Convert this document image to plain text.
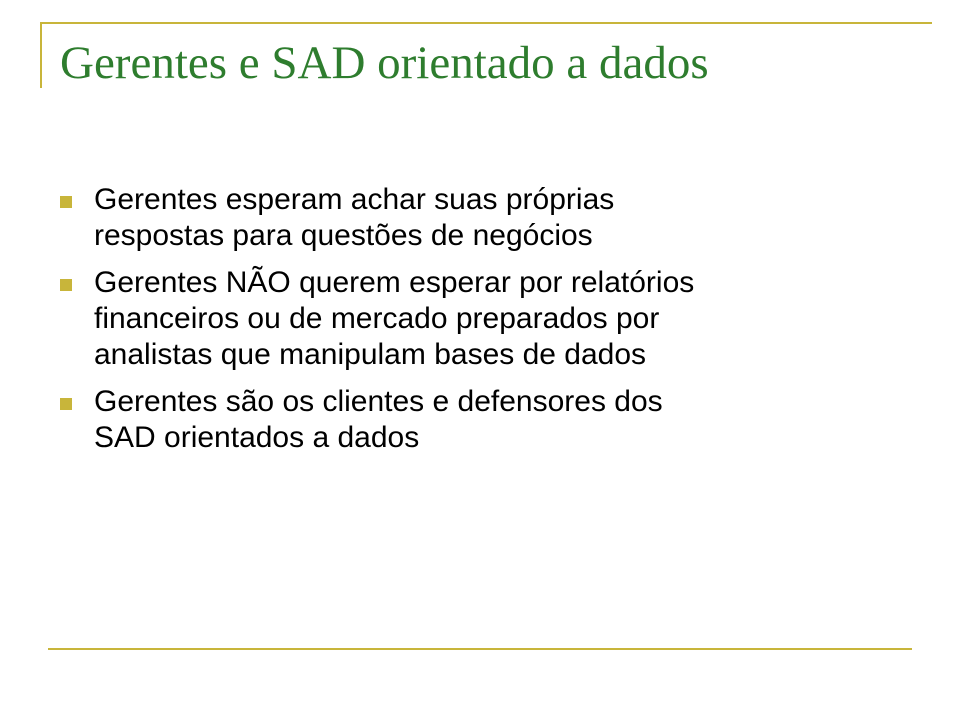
Gerentes e SAD orientado a dados
Gerentes esperam achar suas próprias
respostas para questões de negócios
Gerentes NÃO querem esperar por relatórios
financeiros ou de mercado preparados por
analistas que manipulam bases de dados
Gerentes são os clientes e defensores dos
SAD orientados a dados
